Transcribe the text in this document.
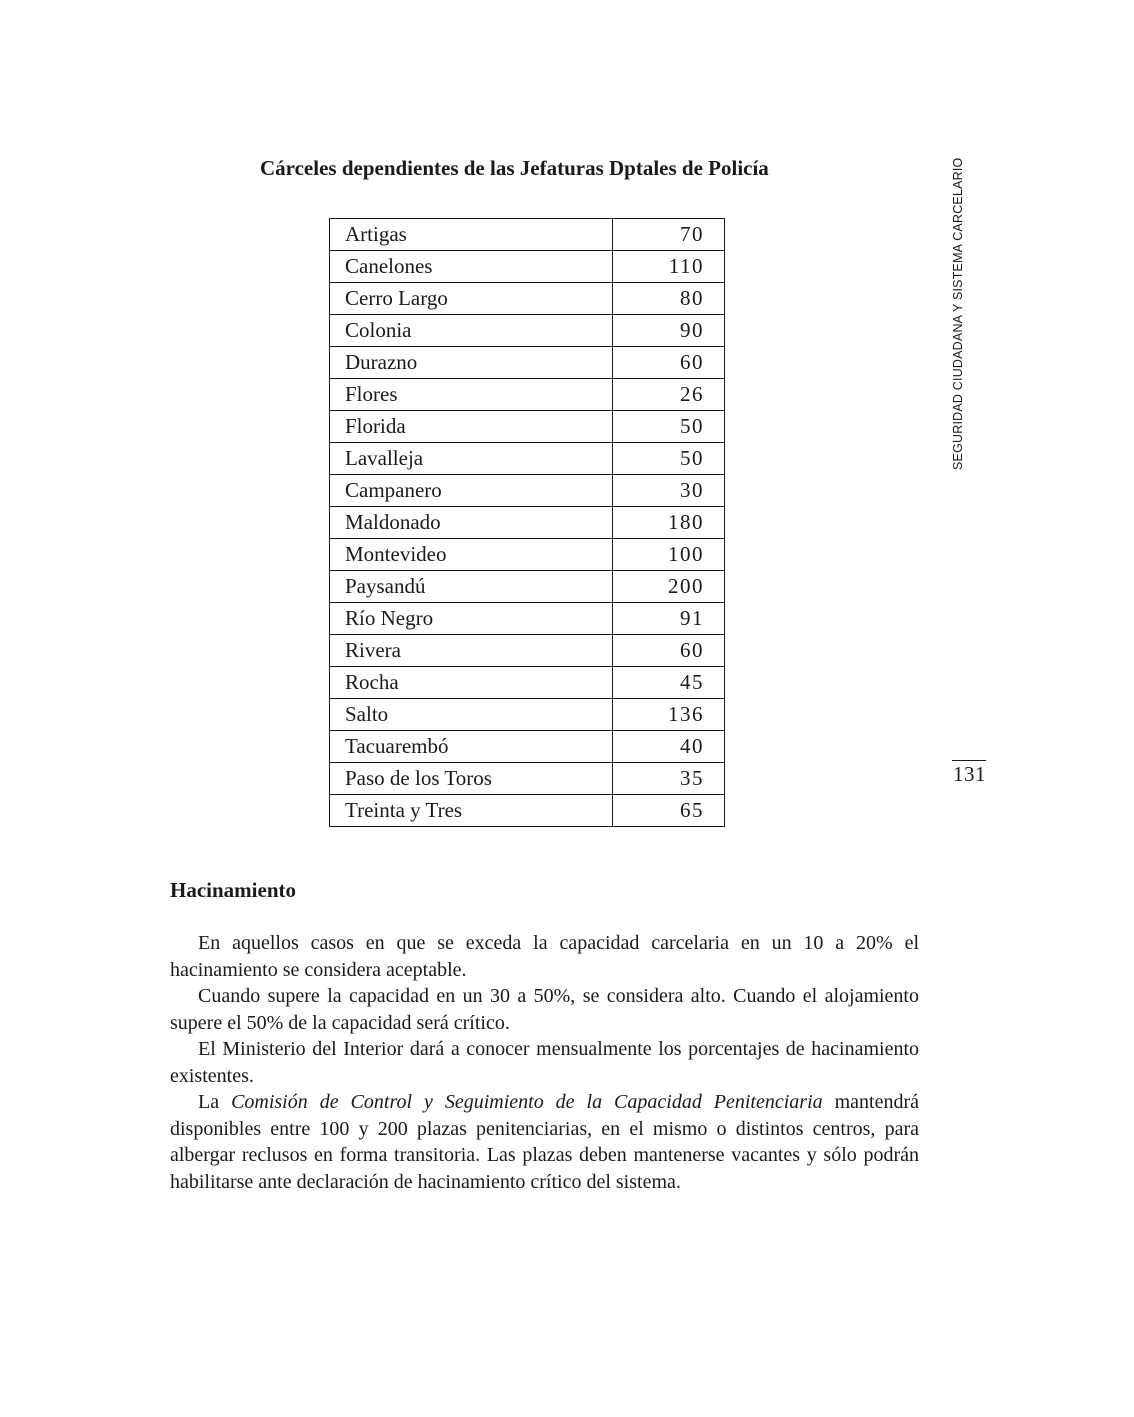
Cárceles dependientes de las Jefaturas Dptales de Policía
Artigas	70
Canelones	110
Cerro Largo	80
Colonia	90
Durazno	60
Flores	26
Florida	50
Lavalleja	50
Campanero	30
Maldonado	180
Montevideo	100
Paysandú	200
Río Negro	91
Rivera	60
Rocha	45
Salto	136
Tacuarembó	40
Paso de los Toros	35
Treinta y Tres	65
SEGURIDAD CIUDADANA Y SISTEMA CARCELARIO
131
Hacinamiento

En aquellos casos en que se exceda la capacidad carcelaria en un 10 a 20% el hacinamiento se considera aceptable.

Cuando supere la capacidad en un 30 a 50%, se considera alto. Cuando el alojamiento supere el 50% de la capacidad será crítico.

El Ministerio del Interior dará a conocer mensualmente los porcentajes de hacinamiento existentes.

La Comisión de Control y Seguimiento de la Capacidad Penitenciaria mantendrá disponibles entre 100 y 200 plazas penitenciarias, en el mismo o distintos centros, para albergar reclusos en forma transitoria. Las plazas deben mantenerse vacantes y sólo podrán habilitarse ante declaración de hacinamiento crítico del sistema.
